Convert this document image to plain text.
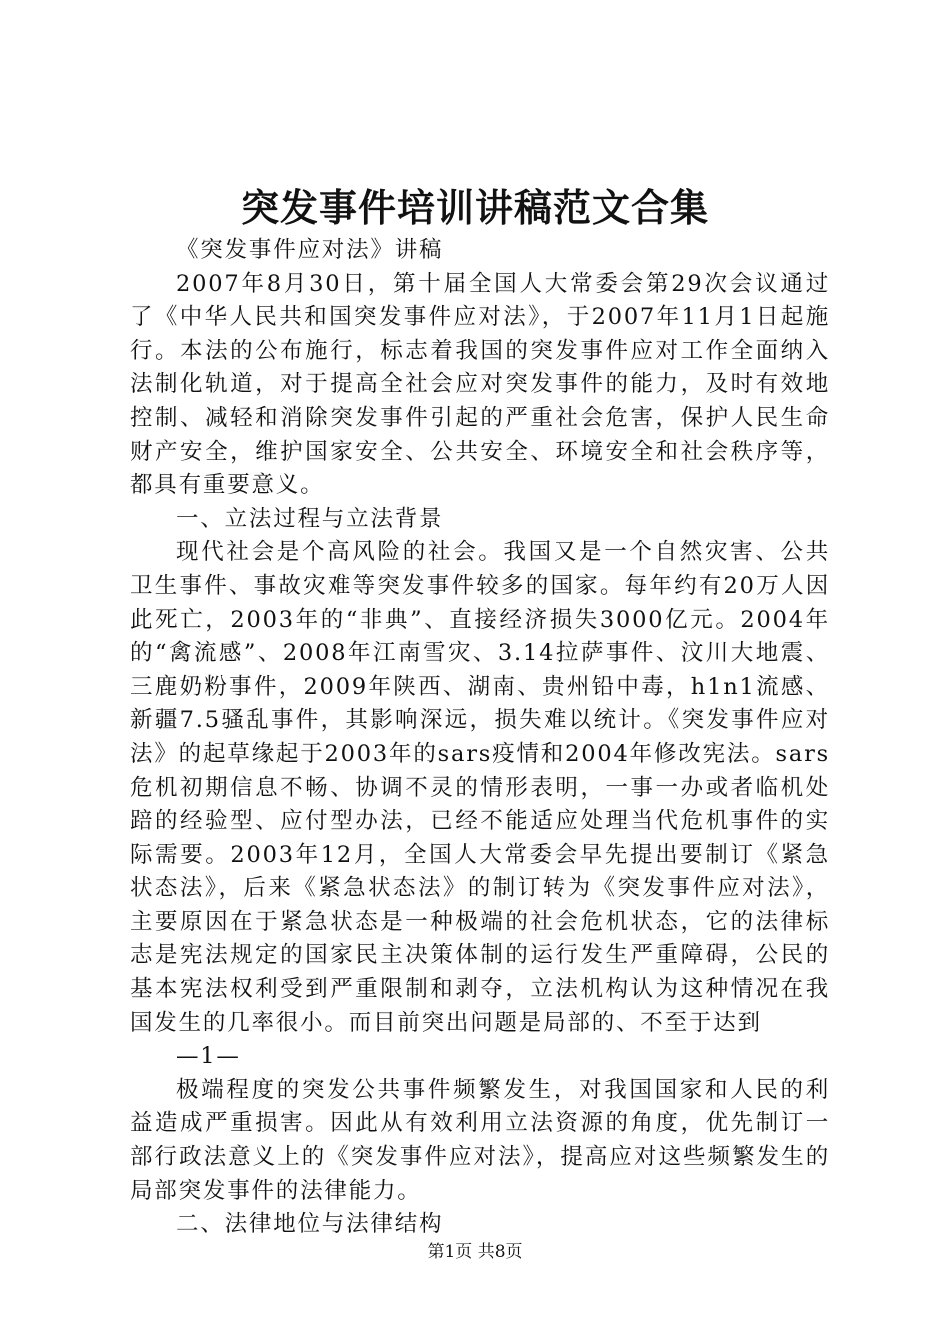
突发事件培训讲稿范文合集

《突发事件应对法》讲稿

2007年8月30日，第十届全国人大常委会第29次会议通过了《中华人民共和国突发事件应对法》，于2007年11月1日起施行。本法的公布施行，标志着我国的突发事件应对工作全面纳入法制化轨道，对于提高全社会应对突发事件的能力，及时有效地控制、减轻和消除突发事件引起的严重社会危害，保护人民生命财产安全，维护国家安全、公共安全、环境安全和社会秩序等，都具有重要意义。

一、立法过程与立法背景

现代社会是个高风险的社会。我国又是一个自然灾害、公共卫生事件、事故灾难等突发事件较多的国家。每年约有20万人因此死亡，2003年的“非典”、直接经济损失3000亿元。2004年的“禽流感”、2008年江南雪灾、3.14拉萨事件、汶川大地震、三鹿奶粉事件，2009年陕西、湖南、贵州铅中毒，h1n1流感、新疆7.5骚乱事件，其影响深远，损失难以统计。《突发事件应对法》的起草缘起于2003年的sars疫情和2004年修改宪法。sars危机初期信息不畅、协调不灵的情形表明，一事一办或者临机处踣的经验型、应付型办法，已经不能适应处理当代危机事件的实际需要。2003年12月，全国人大常委会早先提出要制订《紧急状态法》，后来《紧急状态法》的制订转为《突发事件应对法》，主要原因在于紧急状态是一种极端的社会危机状态，它的法律标志是宪法规定的国家民主决策体制的运行发生严重障碍，公民的基本宪法权利受到严重限制和剥夺，立法机构认为这种情况在我国发生的几率很小。而目前突出问题是局部的、不至于达到

—1—

极端程度的突发公共事件频繁发生，对我国国家和人民的利益造成严重损害。因此从有效利用立法资源的角度，优先制订一部行政法意义上的《突发事件应对法》，提高应对这些频繁发生的局部突发事件的法律能力。

二、法律地位与法律结构

第1页 共8页
